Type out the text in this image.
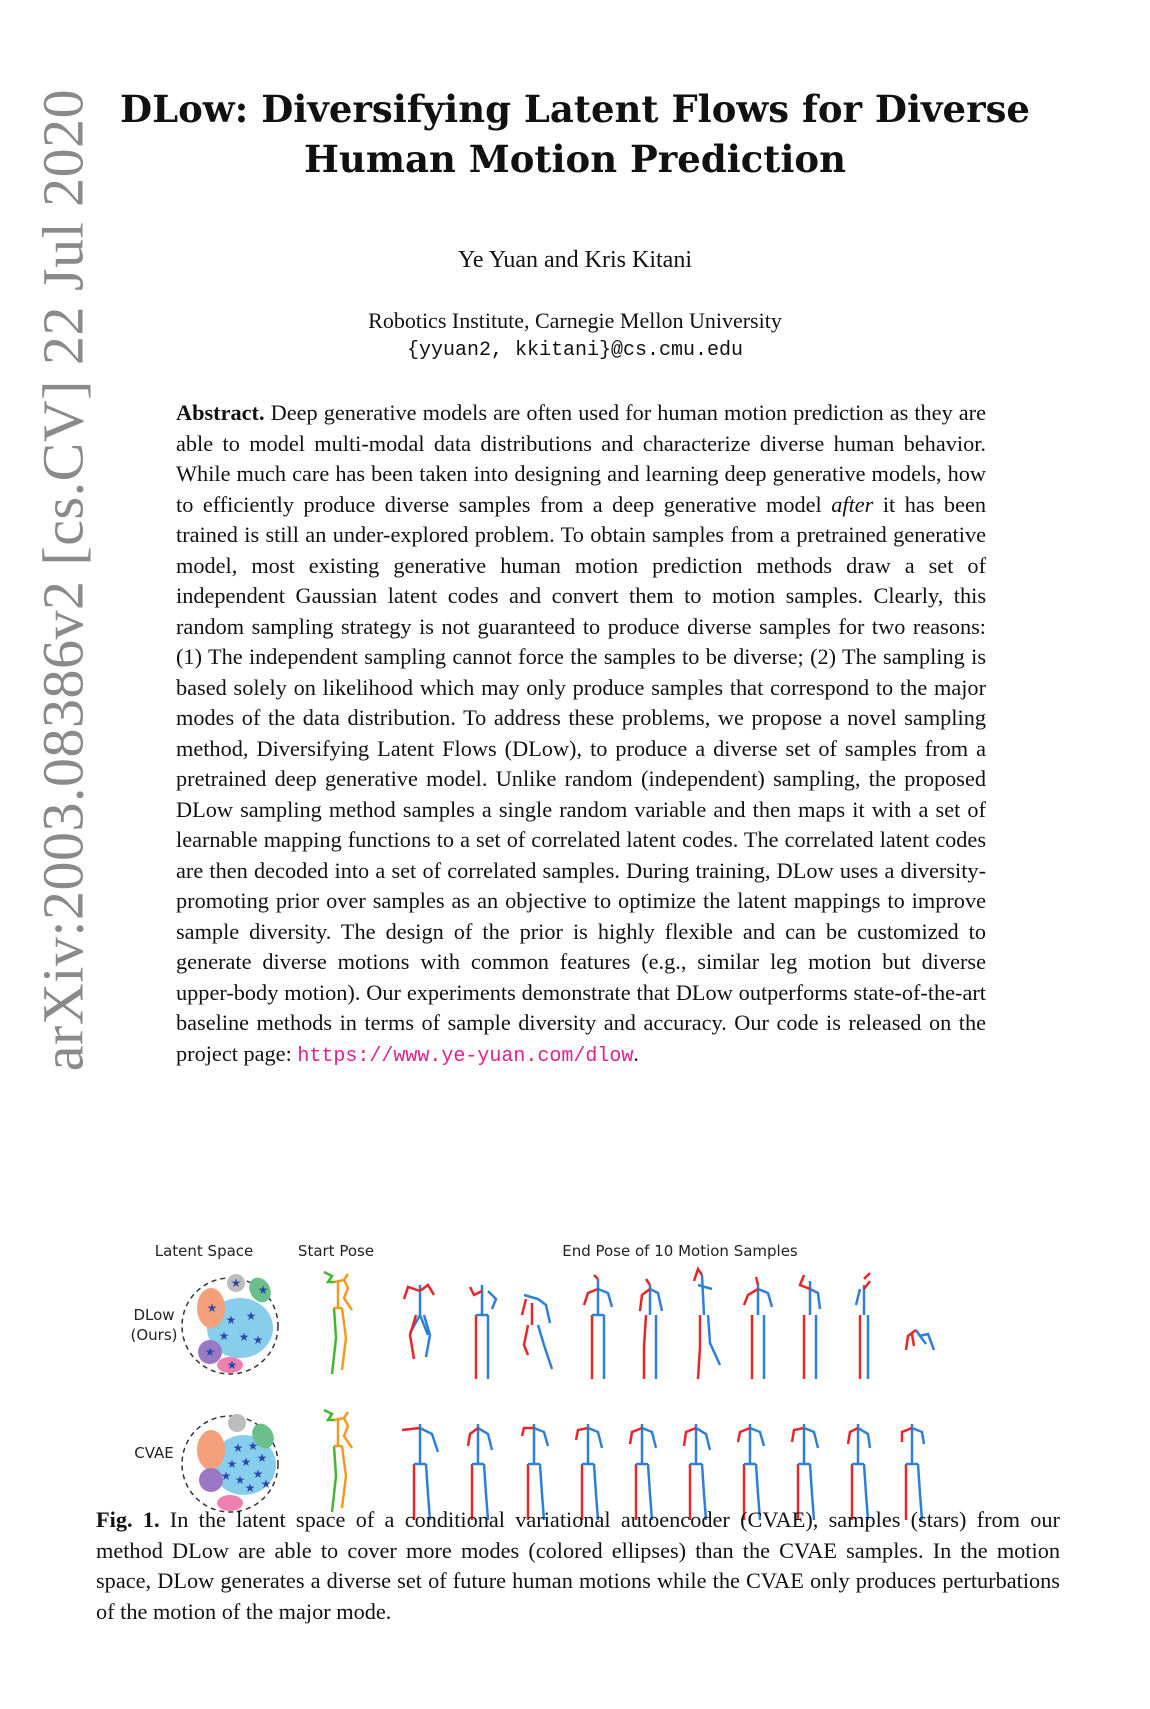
arXiv:2003.08386v2 [cs.CV] 22 Jul 2020 DLow: Diversifying Latent Flows for Diverse
Human Motion Prediction
Ye Yuan and Kris Kitani
Robotics Institute, Carnegie Mellon University
{yyuan2, kkitani}@cs.cmu.edu
Abstract. Deep generative models are often used for human motion prediction as they are able to model multi-modal data distributions and characterize diverse human behavior. While much care has been taken into designing and learning deep generative models, how to efficiently produce diverse samples from a deep generative model after it has been trained is still an under-explored problem. To obtain samples from a pretrained generative model, most existing generative human motion prediction methods draw a set of independent Gaussian latent codes and convert them to motion samples. Clearly, this random sampling strategy is not guaranteed to produce diverse samples for two reasons: (1) The independent sampling cannot force the samples to be diverse; (2) The sampling is based solely on likelihood which may only produce samples that correspond to the major modes of the data distribution. To address these problems, we propose a novel sampling method, Diversifying Latent Flows (DLow), to produce a diverse set of samples from a pretrained deep generative model. Unlike random (independent) sampling, the proposed DLow sampling method samples a single random variable and then maps it with a set of learnable mapping functions to a set of correlated latent codes. The correlated latent codes are then decoded into a set of correlated samples. During training, DLow uses a diversity-promoting prior over samples as an objective to optimize the latent mappings to improve sample diversity. The design of the prior is highly flexible and can be customized to generate diverse motions with common features (e.g., similar leg motion but diverse upper-body motion). Our experiments demonstrate that DLow outperforms state-of-the-art baseline methods in terms of sample diversity and accuracy. Our code is released on the project page: https://www.ye-yuan.com/dlow.
Latent Space	Start Pose	End Pose of 10 Motion Samples
DLow
(Ours)
CVAE
★ ★
★
★
★
★ ★
★
★ ★
★ ★
★
★ ★
★
★
★
★ ★
Fig. 1. In the latent space of a conditional variational autoencoder (CVAE), samples (stars) from our method DLow are able to cover more modes (colored ellipses) than the CVAE samples. In the motion space, DLow generates a diverse set of future human motions while the CVAE only produces perturbations of the motion of the major mode.
